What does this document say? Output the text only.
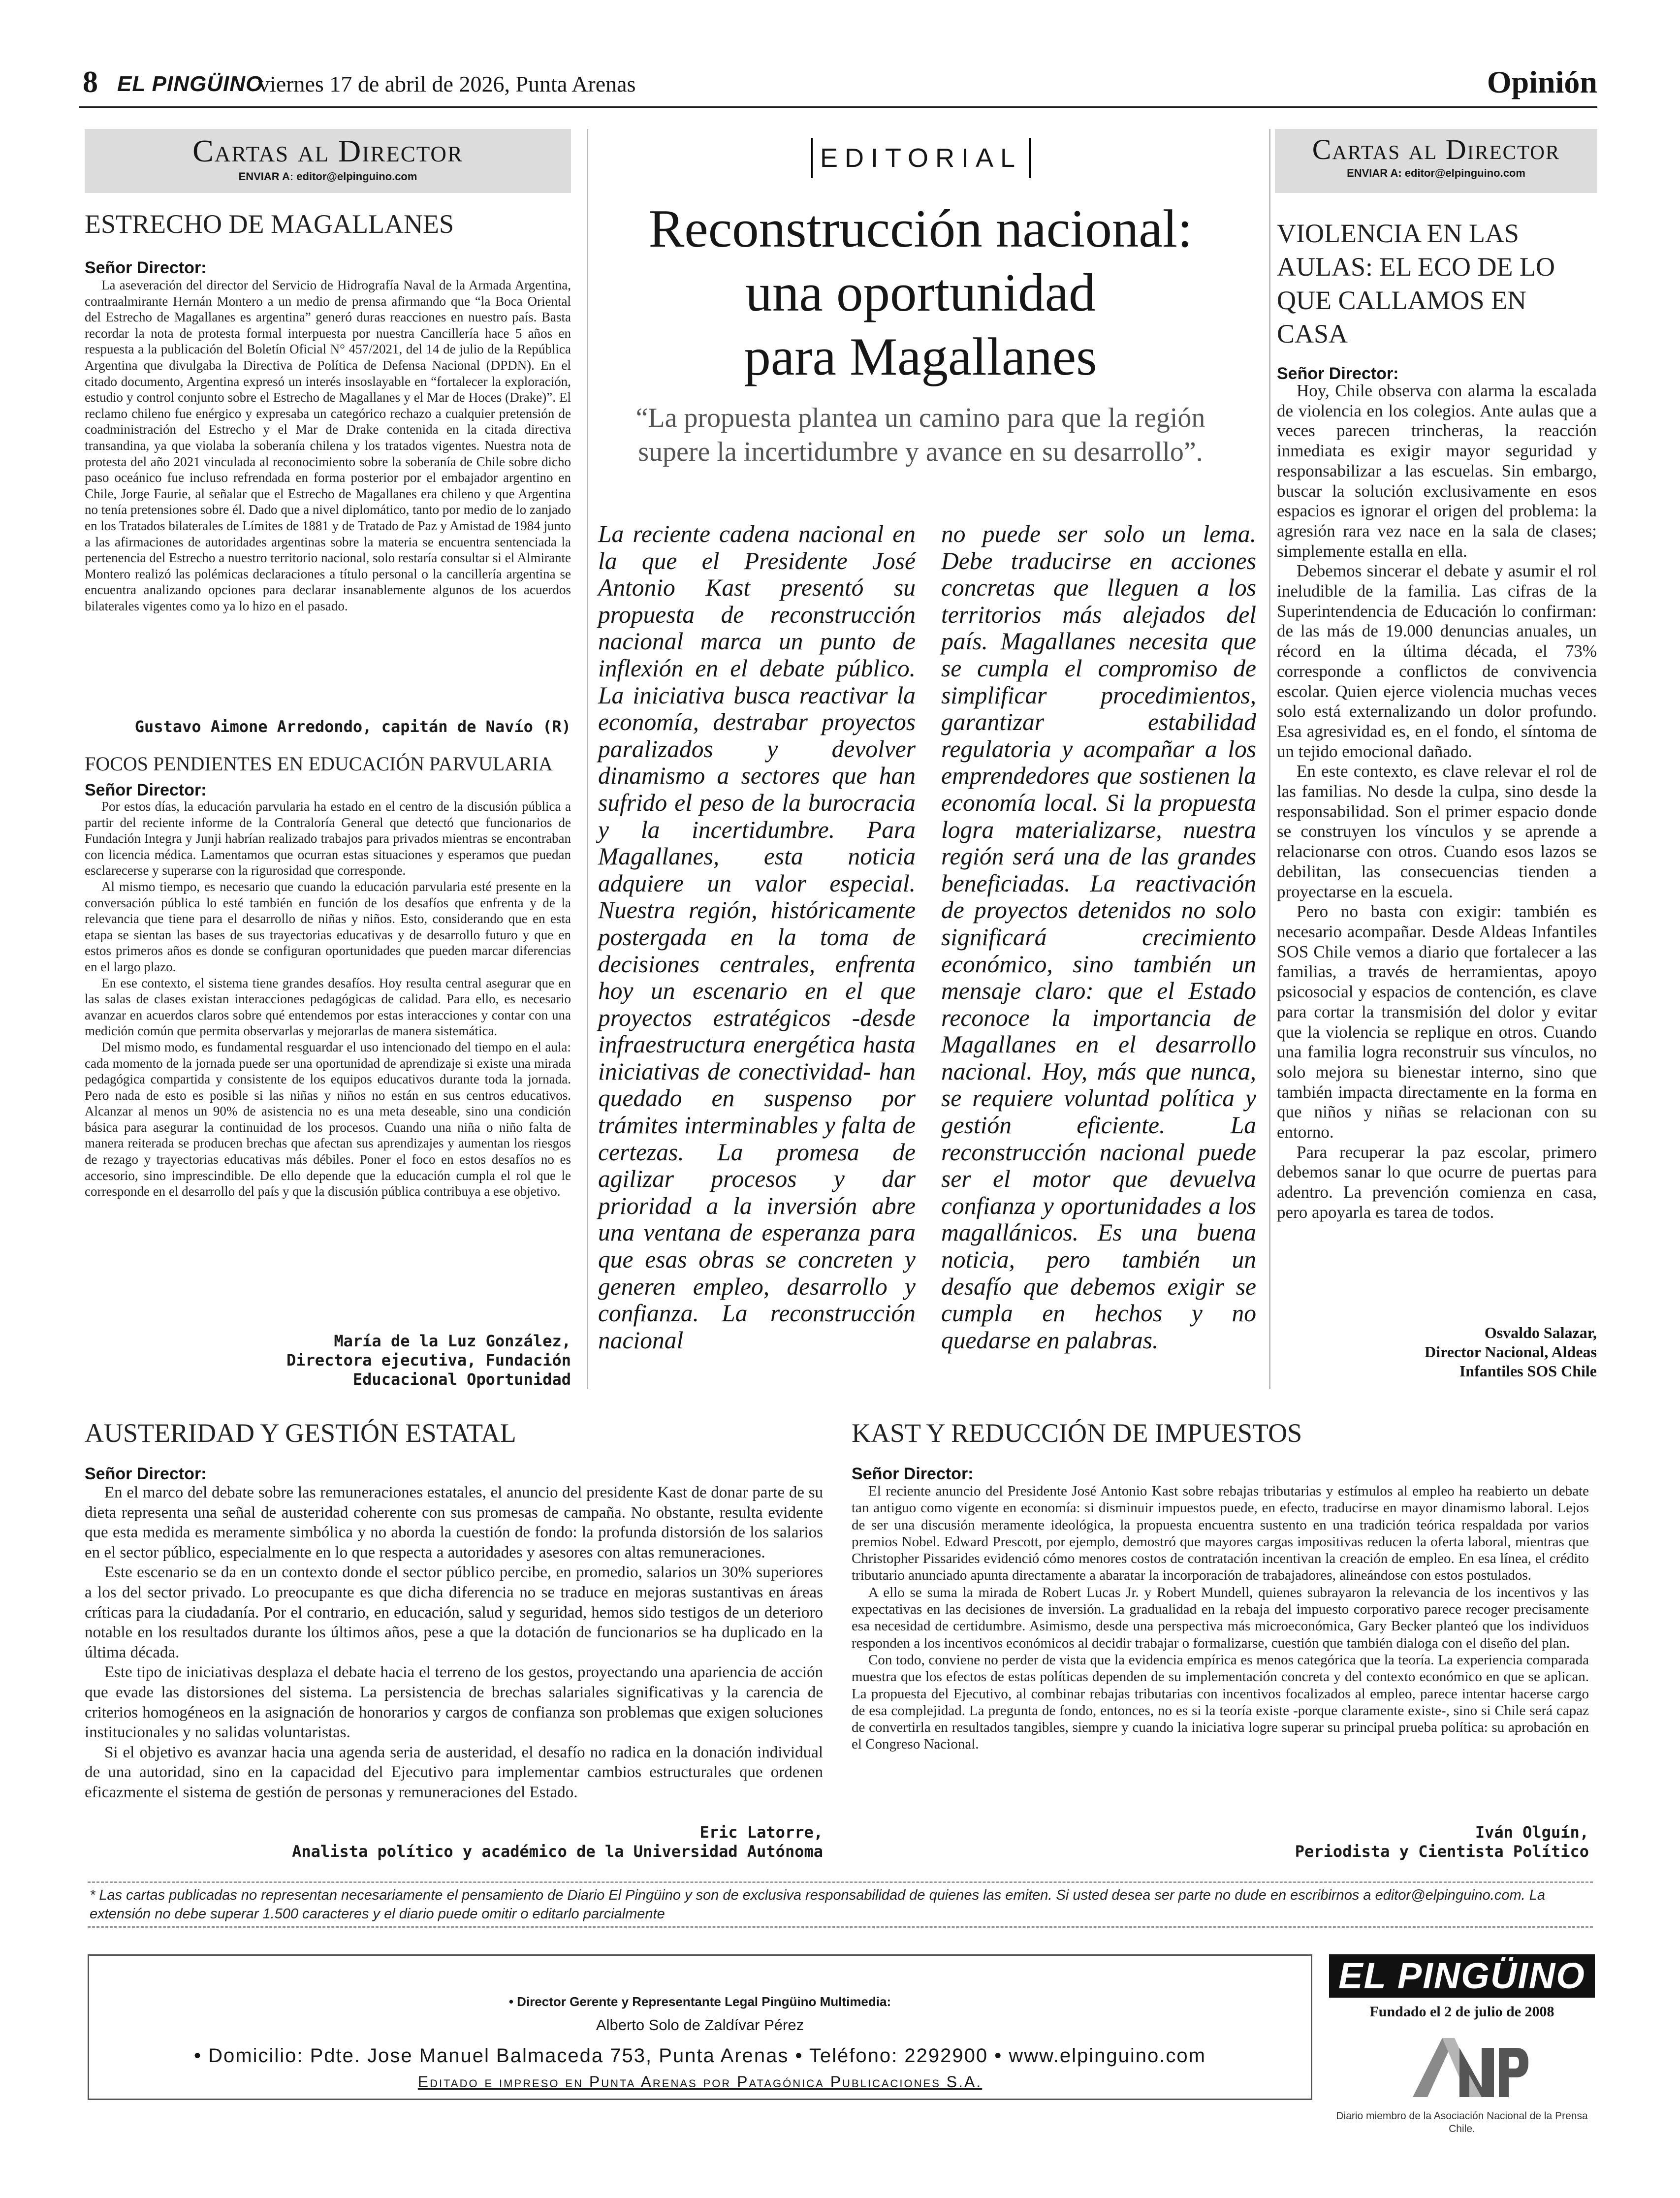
8 EL PINGÜINO
viernes 17 de abril de 2026, Punta Arenas	Opinión
Cartas al Director
ENVIAR A: editor@elpinguino.com
ESTRECHO DE MAGALLANES
Señor Director:

La aseveración del director del Servicio de Hidrografía Naval de la Armada Argentina, contraalmirante Hernán Montero a un medio de prensa afirmando que “la Boca Oriental del Estrecho de Magallanes es argentina” generó duras reacciones en nuestro país. Basta recordar la nota de protesta formal interpuesta por nuestra Cancillería hace 5 años en respuesta a la publicación del Boletín Oficial N° 457/2021, del 14 de julio de la República Argentina que divulgaba la Directiva de Política de Defensa Nacional (DPDN). En el citado documento, Argentina expresó un interés insoslayable en “fortalecer la exploración, estudio y control conjunto sobre el Estrecho de Magallanes y el Mar de Hoces (Drake)”. El reclamo chileno fue enérgico y expresaba un categórico rechazo a cualquier pretensión de coadministración del Estrecho y el Mar de Drake contenida en la citada directiva transandina, ya que violaba la soberanía chilena y los tratados vigentes. Nuestra nota de protesta del año 2021 vinculada al reconocimiento sobre la soberanía de Chile sobre dicho paso oceánico fue incluso refrendada en forma posterior por el embajador argentino en Chile, Jorge Faurie, al señalar que el Estrecho de Magallanes era chileno y que Argentina no tenía pretensiones sobre él. Dado que a nivel diplomático, tanto por medio de lo zanjado en los Tratados bilaterales de Límites de 1881 y de Tratado de Paz y Amistad de 1984 junto a las afirmaciones de autoridades argentinas sobre la materia se encuentra sentenciada la pertenencia del Estrecho a nuestro territorio nacional, solo restaría consultar si el Almirante Montero realizó las polémicas declaraciones a título personal o la cancillería argentina se encuentra analizando opciones para declarar insanablemente algunos de los acuerdos bilaterales vigentes como ya lo hizo en el pasado.

Gustavo Aimone Arredondo, capitán de Navío (R)
FOCOS PENDIENTES EN EDUCACIÓN PARVULARIA
Señor Director:

Por estos días, la educación parvularia ha estado en el centro de la discusión pública a partir del reciente informe de la Contraloría General que detectó que funcionarios de Fundación Integra y Junji habrían realizado trabajos para privados mientras se encontraban con licencia médica. Lamentamos que ocurran estas situaciones y esperamos que puedan esclarecerse y superarse con la rigurosidad que corresponde.

Al mismo tiempo, es necesario que cuando la educación parvularia esté presente en la conversación pública lo esté también en función de los desafíos que enfrenta y de la relevancia que tiene para el desarrollo de niñas y niños. Esto, considerando que en esta etapa se sientan las bases de sus trayectorias educativas y de desarrollo futuro y que en estos primeros años es donde se configuran oportunidades que pueden marcar diferencias en el largo plazo.

En ese contexto, el sistema tiene grandes desafíos. Hoy resulta central asegurar que en las salas de clases existan interacciones pedagógicas de calidad. Para ello, es necesario avanzar en acuerdos claros sobre qué entendemos por estas interacciones y contar con una medición común que permita observarlas y mejorarlas de manera sistemática.

Del mismo modo, es fundamental resguardar el uso intencionado del tiempo en el aula: cada momento de la jornada puede ser una oportunidad de aprendizaje si existe una mirada pedagógica compartida y consistente de los equipos educativos durante toda la jornada. Pero nada de esto es posible si las niñas y niños no están en sus centros educativos. Alcanzar al menos un 90% de asistencia no es una meta deseable, sino una condición básica para asegurar la continuidad de los procesos. Cuando una niña o niño falta de manera reiterada se producen brechas que afectan sus aprendizajes y aumentan los riesgos de rezago y trayectorias educativas más débiles. Poner el foco en estos desafíos no es accesorio, sino imprescindible. De ello depende que la educación cumpla el rol que le corresponde en el desarrollo del país y que la discusión pública contribuya a ese objetivo.

María de la Luz González,
Directora ejecutiva, Fundación
Educacional Oportunidad
EDITORIAL
Reconstrucción nacional:
una oportunidad
para Magallanes
“La propuesta plantea un camino para que la región supere la incertidumbre y avance en su desarrollo”.
La reciente cadena nacional en la que el Presidente José Antonio Kast presentó su propuesta de reconstrucción nacional marca un punto de inflexión en el debate público. La iniciativa busca reactivar la economía, destrabar proyectos paralizados y devolver dinamismo a sectores que han sufrido el peso de la burocracia y la incertidumbre. Para Magallanes, esta noticia adquiere un valor especial. Nuestra región, históricamente postergada en la toma de decisiones centrales, enfrenta hoy un escenario en el que proyectos estratégicos -desde infraestructura energética hasta iniciativas de conectividad- han quedado en suspenso por trámites interminables y falta de certezas. La promesa de agilizar procesos y dar prioridad a la inversión abre una ventana de esperanza para que esas obras se concreten y generen empleo, desarrollo y confianza. La reconstrucción nacional
no puede ser solo un lema. Debe traducirse en acciones concretas que lleguen a los territorios más alejados del país. Magallanes necesita que se cumpla el compromiso de simplificar procedimientos, garantizar estabilidad regulatoria y acompañar a los emprendedores que sostienen la economía local. Si la propuesta logra materializarse, nuestra región será una de las grandes beneficiadas. La reactivación de proyectos detenidos no solo significará crecimiento económico, sino también un mensaje claro: que el Estado reconoce la importancia de Magallanes en el desarrollo nacional. Hoy, más que nunca, se requiere voluntad política y gestión eficiente. La reconstrucción nacional puede ser el motor que devuelva confianza y oportunidades a los magallánicos. Es una buena noticia, pero también un desafío que debemos exigir se cumpla en hechos y no quedarse en palabras.
Cartas al Director
ENVIAR A: editor@elpinguino.com
VIOLENCIA EN LAS AULAS: EL ECO DE LO QUE CALLAMOS EN CASA
Señor Director:

Hoy, Chile observa con alarma la escalada de violencia en los colegios. Ante aulas que a veces parecen trincheras, la reacción inmediata es exigir mayor seguridad y responsabilizar a las escuelas. Sin embargo, buscar la solución exclusivamente en esos espacios es ignorar el origen del problema: la agresión rara vez nace en la sala de clases; simplemente estalla en ella.

Debemos sincerar el debate y asumir el rol ineludible de la familia. Las cifras de la Superintendencia de Educación lo confirman: de las más de 19.000 denuncias anuales, un récord en la última década, el 73% corresponde a conflictos de convivencia escolar. Quien ejerce violencia muchas veces solo está externalizando un dolor profundo. Esa agresividad es, en el fondo, el síntoma de un tejido emocional dañado.

En este contexto, es clave relevar el rol de las familias. No desde la culpa, sino desde la responsabilidad. Son el primer espacio donde se construyen los vínculos y se aprende a relacionarse con otros. Cuando esos lazos se debilitan, las consecuencias tienden a proyectarse en la escuela.

Pero no basta con exigir: también es necesario acompañar. Desde Aldeas Infantiles SOS Chile vemos a diario que fortalecer a las familias, a través de herramientas, apoyo psicosocial y espacios de contención, es clave para cortar la transmisión del dolor y evitar que la violencia se replique en otros. Cuando una familia logra reconstruir sus vínculos, no solo mejora su bienestar interno, sino que también impacta directamente en la forma en que niños y niñas se relacionan con su entorno.

Para recuperar la paz escolar, primero debemos sanar lo que ocurre de puertas para adentro. La prevención comienza en casa, pero apoyarla es tarea de todos.

Osvaldo Salazar,
Director Nacional, Aldeas
Infantiles SOS Chile
AUSTERIDAD Y GESTIÓN ESTATAL
Señor Director:

En el marco del debate sobre las remuneraciones estatales, el anuncio del presidente Kast de donar parte de su dieta representa una señal de austeridad coherente con sus promesas de campaña. No obstante, resulta evidente que esta medida es meramente simbólica y no aborda la cuestión de fondo: la profunda distorsión de los salarios en el sector público, especialmente en lo que respecta a autoridades y asesores con altas remuneraciones.

Este escenario se da en un contexto donde el sector público percibe, en promedio, salarios un 30% superiores a los del sector privado. Lo preocupante es que dicha diferencia no se traduce en mejoras sustantivas en áreas críticas para la ciudadanía. Por el contrario, en educación, salud y seguridad, hemos sido testigos de un deterioro notable en los resultados durante los últimos años, pese a que la dotación de funcionarios se ha duplicado en la última década.

Este tipo de iniciativas desplaza el debate hacia el terreno de los gestos, proyectando una apariencia de acción que evade las distorsiones del sistema. La persistencia de brechas salariales significativas y la carencia de criterios homogéneos en la asignación de honorarios y cargos de confianza son problemas que exigen soluciones institucionales y no salidas voluntaristas.

Si el objetivo es avanzar hacia una agenda seria de austeridad, el desafío no radica en la donación individual de una autoridad, sino en la capacidad del Ejecutivo para implementar cambios estructurales que ordenen eficazmente el sistema de gestión de personas y remuneraciones del Estado.

Eric Latorre,
Analista político y académico de la Universidad Autónoma
KAST Y REDUCCIÓN DE IMPUESTOS
Señor Director:

El reciente anuncio del Presidente José Antonio Kast sobre rebajas tributarias y estímulos al empleo ha reabierto un debate tan antiguo como vigente en economía: si disminuir impuestos puede, en efecto, traducirse en mayor dinamismo laboral. Lejos de ser una discusión meramente ideológica, la propuesta encuentra sustento en una tradición teórica respaldada por varios premios Nobel. Edward Prescott, por ejemplo, demostró que mayores cargas impositivas reducen la oferta laboral, mientras que Christopher Pissarides evidenció cómo menores costos de contratación incentivan la creación de empleo. En esa línea, el crédito tributario anunciado apunta directamente a abaratar la incorporación de trabajadores, alineándose con estos postulados.

A ello se suma la mirada de Robert Lucas Jr. y Robert Mundell, quienes subrayaron la relevancia de los incentivos y las expectativas en las decisiones de inversión. La gradualidad en la rebaja del impuesto corporativo parece recoger precisamente esa necesidad de certidumbre. Asimismo, desde una perspectiva más microeconómica, Gary Becker planteó que los individuos responden a los incentivos económicos al decidir trabajar o formalizarse, cuestión que también dialoga con el diseño del plan.

Con todo, conviene no perder de vista que la evidencia empírica es menos categórica que la teoría. La experiencia comparada muestra que los efectos de estas políticas dependen de su implementación concreta y del contexto económico en que se aplican. La propuesta del Ejecutivo, al combinar rebajas tributarias con incentivos focalizados al empleo, parece intentar hacerse cargo de esa complejidad. La pregunta de fondo, entonces, no es si la teoría existe -porque claramente existe-, sino si Chile será capaz de convertirla en resultados tangibles, siempre y cuando la iniciativa logre superar su principal prueba política: su aprobación en el Congreso Nacional.

Iván Olguín,
Periodista y Cientista Político
* Las cartas publicadas no representan necesariamente el pensamiento de Diario El Pingüino y son de exclusiva responsabilidad de quienes las emiten. Si usted desea ser parte no dude en escribirnos a editor@elpinguino.com. La extensión no debe superar 1.500 caracteres y el diario puede omitir o editarlo parcialmente
• Director Gerente y Representante Legal Pingüino Multimedia:
Alberto Solo de Zaldívar Pérez
• Domicilio: Pdte. Jose Manuel Balmaceda 753, Punta Arenas • Teléfono: 2292900 • www.elpinguino.com
Editado e impreso en Punta Arenas por Patagónica Publicaciones S.A.
EL PINGÜINO
Fundado el 2 de julio de 2008
Diario miembro de la Asociación Nacional de la Prensa Chile.
